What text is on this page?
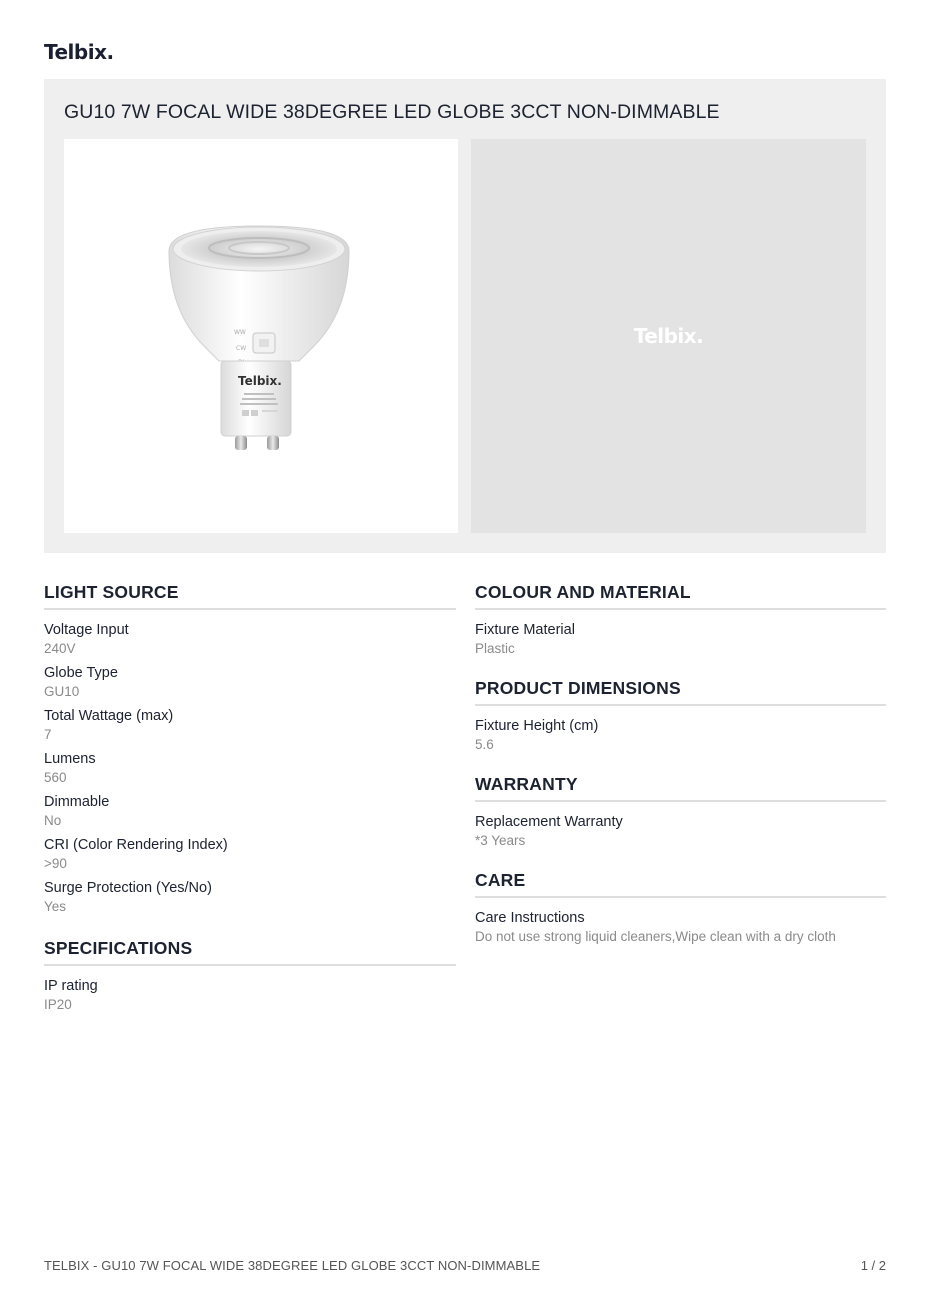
Telbix.
GU10 7W FOCAL WIDE 38DEGREE LED GLOBE 3CCT NON-DIMMABLE
WW
CW
Telbix.
Telbix.
LIGHT SOURCE
Voltage Input
240V
Globe Type
GU10
Total Wattage (max)
7
Lumens
560
Dimmable
No
CRI (Color Rendering Index)
>90
Surge Protection (Yes/No)
Yes
SPECIFICATIONS
IP rating
IP20
COLOUR AND MATERIAL
Fixture Material
Plastic
PRODUCT DIMENSIONS
Fixture Height (cm)
5.6
WARRANTY
Replacement Warranty
*3 Years
CARE
Care Instructions
Do not use strong liquid cleaners,Wipe clean with a dry cloth
TELBIX - GU10 7W FOCAL WIDE 38DEGREE LED GLOBE 3CCT NON-DIMMABLE	1 / 2
